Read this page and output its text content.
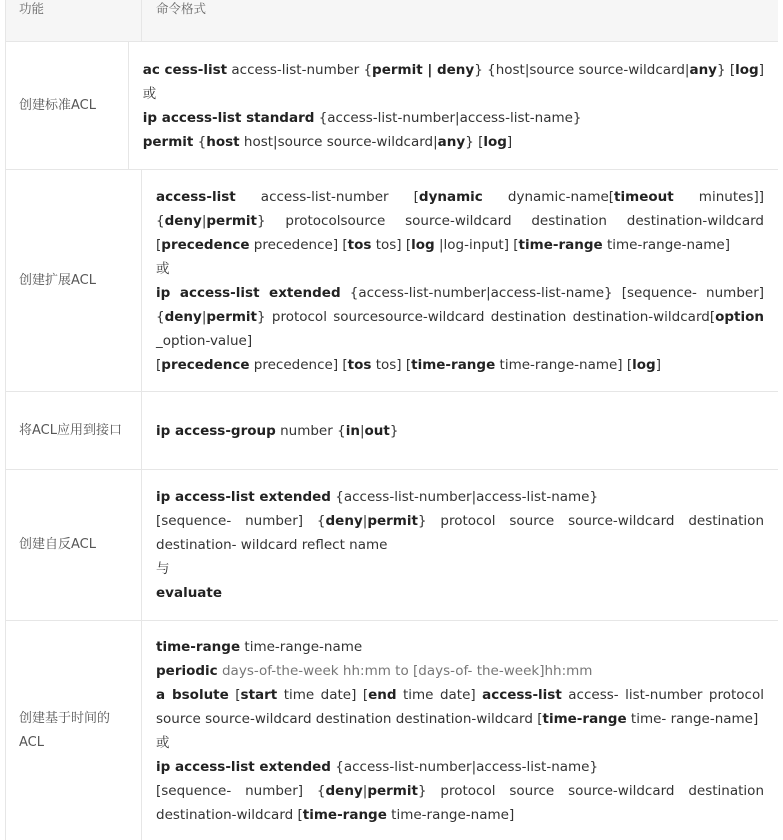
功能	命令格式
创建标准ACL
ac cess-list access-list-number {permit | deny} {host|source source-wildcard|any} [log]
或
ip access-list standard {access-list-number|access-list-name}
permit {host host|source source-wildcard|any} [log]
创建扩展ACL
access-list access-list-number [dynamic dynamic-name[timeout minutes]]
{deny|permit} protocolsource source-wildcard destination destination-wildcard
[precedence precedence] [tos tos] [log |log-input] [time-range time-range-name]
或
ip access-list extended {access-list-number|access-list-name} [sequence- number]
{deny|permit} protocol sourcesource-wildcard destination destination-wildcard[option
_option-value]
[precedence precedence] [tos tos] [time-range time-range-name] [log]
将ACL应用到接口	ip access-group number {in|out}
创建自反ACL
ip access-list extended {access-list-number|access-list-name}
[sequence- number] {deny|permit} protocol source source-wildcard destination
destination- wildcard reflect name
与
evaluate
创建基于时间的ACL
time-range time-range-name
periodic days-of-the-week hh:mm to [days-of- the-week]hh:mm
a bsolute [start time date] [end time date] access-list access- list-number protocol
source source-wildcard destination destination-wildcard [time-range time- range-name]
或
ip access-list extended {access-list-number|access-list-name}
[sequence- number] {deny|permit} protocol source source-wildcard destination
destination-wildcard [time-range time-range-name]
